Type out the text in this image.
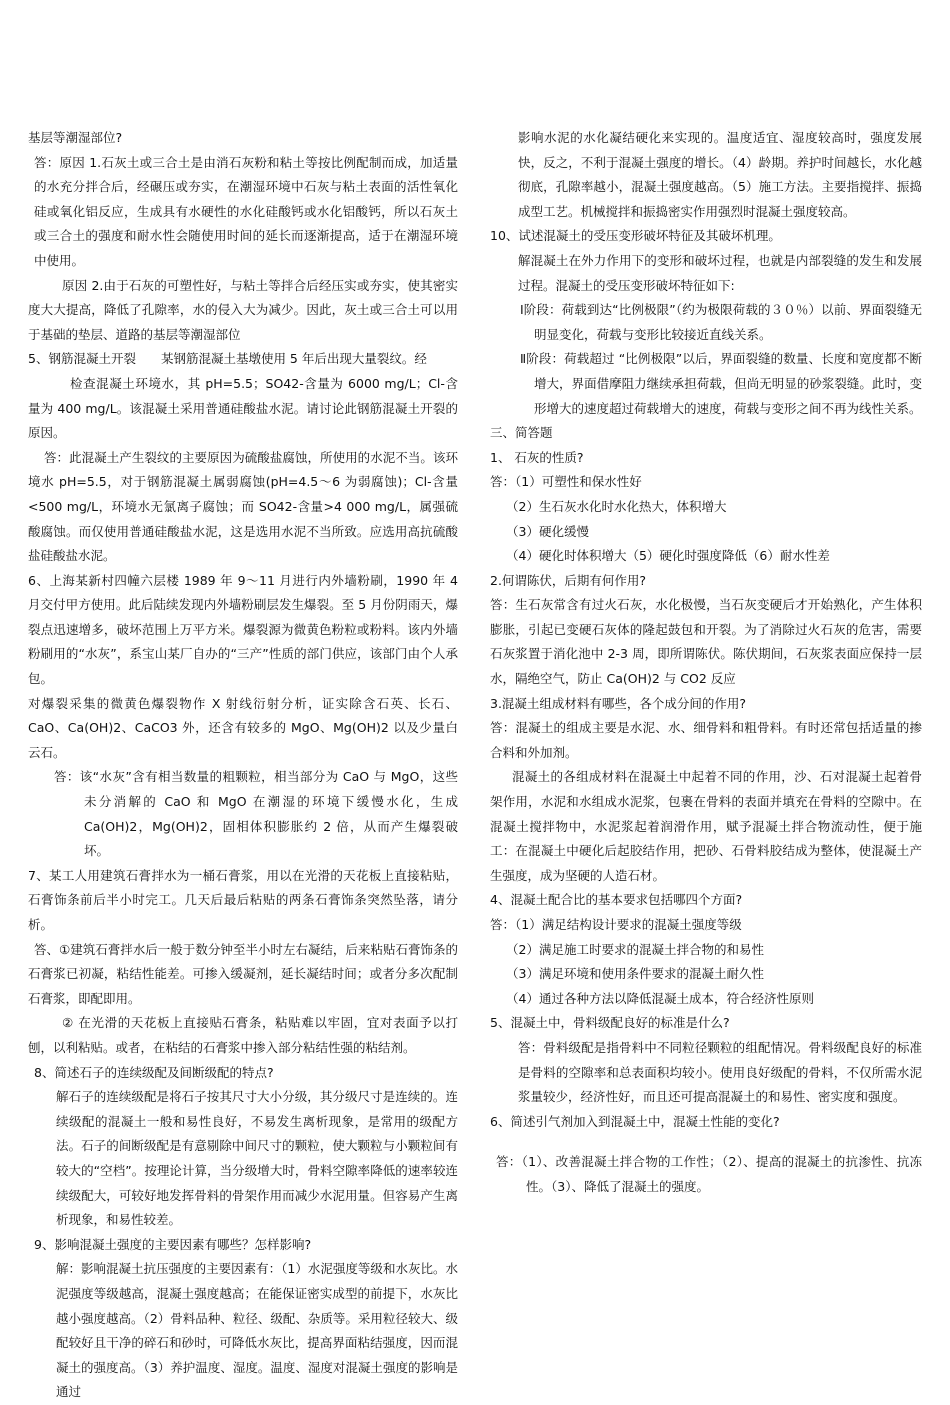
基层等潮湿部位?

答：原因 1.石灰土或三合土是由消石灰粉和粘土等按比例配制而成，加适量的水充分拌合后，经碾压或夯实，在潮湿环境中石灰与粘土表面的活性氧化硅或氧化铝反应，生成具有水硬性的水化硅酸钙或水化铝酸钙，所以石灰土或三合土的强度和耐水性会随使用时间的延长而逐渐提高，适于在潮湿环境中使用。

原因 2.由于石灰的可塑性好，与粘土等拌合后经压实或夯实，使其密实度大大提高，降低了孔隙率，水的侵入大为减少。因此，灰土或三合土可以用于基础的垫层、道路的基层等潮湿部位

5、钢筋混凝土开裂　　某钢筋混凝土基墩使用 5 年后出现大量裂纹。经

检查混凝土环境水，其 pH=5.5；SO42-含量为 6000 mg/L；Cl-含量为 400 mg/L。该混凝土采用普通硅酸盐水泥。请讨论此钢筋混凝土开裂的原因。

答：此混凝土产生裂纹的主要原因为硫酸盐腐蚀，所使用的水泥不当。该环境水 pH=5.5，对于钢筋混凝土属弱腐蚀(pH=4.5～6 为弱腐蚀)；Cl-含量<500 mg/L，环境水无氯离子腐蚀；而 SO42-含量>4 000 mg/L，属强硫酸腐蚀。而仅使用普通硅酸盐水泥，这是选用水泥不当所致。应选用高抗硫酸盐硅酸盐水泥。

6、上海某新村四幢六层楼 1989 年 9～11 月进行内外墙粉刷，1990 年 4 月交付甲方使用。此后陆续发现内外墙粉刷层发生爆裂。至 5 月份阴雨天，爆裂点迅速增多，破坏范围上万平方米。爆裂源为微黄色粉粒或粉料。该内外墙粉刷用的“水灰”，系宝山某厂自办的“三产”性质的部门供应，该部门由个人承包。

对爆裂采集的微黄色爆裂物作 X 射线衍射分析，证实除含石英、长石、CaO、Ca(OH)2、CaCO3 外，还含有较多的 MgO、Mg(OH)2 以及少量白云石。

答：该“水灰”含有相当数量的粗颗粒，相当部分为 CaO 与 MgO，这些未分消解的 CaO 和 MgO 在潮湿的环境下缓慢水化，生成 Ca(OH)2，Mg(OH)2，固相体积膨胀约 2 倍，从而产生爆裂破坏。

7、某工人用建筑石膏拌水为一桶石膏浆，用以在光滑的天花板上直接粘贴，石膏饰条前后半小时完工。几天后最后粘贴的两条石膏饰条突然坠落，请分析。

答、①建筑石膏拌水后一般于数分钟至半小时左右凝结，后来粘贴石膏饰条的石膏浆已初凝，粘结性能差。可掺入缓凝剂，延长凝结时间；或者分多次配制石膏浆，即配即用。

② 在光滑的天花板上直接贴石膏条，粘贴难以牢固，宜对表面予以打刨，以利粘贴。或者，在粘结的石膏浆中掺入部分粘结性强的粘结剂。

8、简述石子的连续级配及间断级配的特点?

解石子的连续级配是将石子按其尺寸大小分级，其分级尺寸是连续的。连续级配的混凝土一般和易性良好，不易发生离析现象，是常用的级配方法。石子的间断级配是有意剔除中间尺寸的颗粒，使大颗粒与小颗粒间有较大的“空档”。按理论计算，当分级增大时，骨料空隙率降低的速率较连续级配大，可较好地发挥骨料的骨架作用而减少水泥用量。但容易产生离析现象，和易性较差。

9、影响混凝土强度的主要因素有哪些？怎样影响?

解：影响混凝土抗压强度的主要因素有：（1）水泥强度等级和水灰比。水泥强度等级越高，混凝土强度越高；在能保证密实成型的前提下，水灰比越小强度越高。（2）骨料品种、粒径、级配、杂质等。采用粒径较大、级配较好且干净的碎石和砂时，可降低水灰比，提高界面粘结强度，因而混凝土的强度高。（3）养护温度、湿度。温度、湿度对混凝土强度的影响是通过

影响水泥的水化凝结硬化来实现的。温度适宜、湿度较高时，强度发展快，反之，不利于混凝土强度的增长。（4）龄期。养护时间越长，水化越彻底，孔隙率越小，混凝土强度越高。（5）施工方法。主要指搅拌、振捣成型工艺。机械搅拌和振捣密实作用强烈时混凝土强度较高。

10、试述混凝土的受压变形破坏特征及其破坏机理。

解混凝土在外力作用下的变形和破坏过程，也就是内部裂缝的发生和发展过程。混凝土的受压变形破坏特征如下:

Ⅰ阶段：荷载到达“比例极限”（约为极限荷载的３０％）以前、界面裂缝无明显变化，荷载与变形比较接近直线关系。

Ⅱ阶段：荷载超过 “比例极限”以后，界面裂缝的数量、长度和宽度都不断增大，界面借摩阻力继续承担荷载，但尚无明显的砂浆裂缝。此时，变形增大的速度超过荷载增大的速度，荷载与变形之间不再为线性关系。

三、简答题

1、 石灰的性质?

答：（1）可塑性和保水性好

（2）生石灰水化时水化热大，体积增大

（3）硬化缓慢

（4）硬化时体积增大（5）硬化时强度降低（6）耐水性差

2.何谓陈伏，后期有何作用?

答：生石灰常含有过火石灰，水化极慢，当石灰变硬后才开始熟化，产生体积膨胀，引起已变硬石灰体的隆起鼓包和开裂。为了消除过火石灰的危害，需要石灰浆置于消化池中 2-3 周，即所谓陈伏。陈伏期间，石灰浆表面应保持一层水，隔绝空气，防止 Ca(OH)2 与 CO2 反应

3.混凝土组成材料有哪些，各个成分间的作用?

答：混凝土的组成主要是水泥、水、细骨料和粗骨料。有时还常包括适量的掺合料和外加剂。

混凝土的各组成材料在混凝土中起着不同的作用，沙、石对混凝土起着骨架作用，水泥和水组成水泥浆，包裹在骨料的表面并填充在骨料的空隙中。在混凝土搅拌物中，水泥浆起着润滑作用，赋予混凝土拌合物流动性，便于施工：在混凝土中硬化后起胶结作用，把砂、石骨料胶结成为整体，使混凝土产生强度，成为坚硬的人造石材。

4、混凝土配合比的基本要求包括哪四个方面?

答：（1）满足结构设计要求的混凝土强度等级

（2）满足施工时要求的混凝土拌合物的和易性

（3）满足环境和使用条件要求的混凝土耐久性

（4）通过各种方法以降低混凝土成本，符合经济性原则

5、混凝土中，骨料级配良好的标准是什么?

答：骨料级配是指骨料中不同粒径颗粒的组配情况。骨料级配良好的标准是骨料的空隙率和总表面积均较小。使用良好级配的骨料，不仅所需水泥浆量较少，经济性好，而且还可提高混凝土的和易性、密实度和强度。

6、简述引气剂加入到混凝土中，混凝土性能的变化?

答：（1）、改善混凝土拌合物的工作性；（2）、提高的混凝土的抗渗性、抗冻性。（3）、降低了混凝土的强度。
